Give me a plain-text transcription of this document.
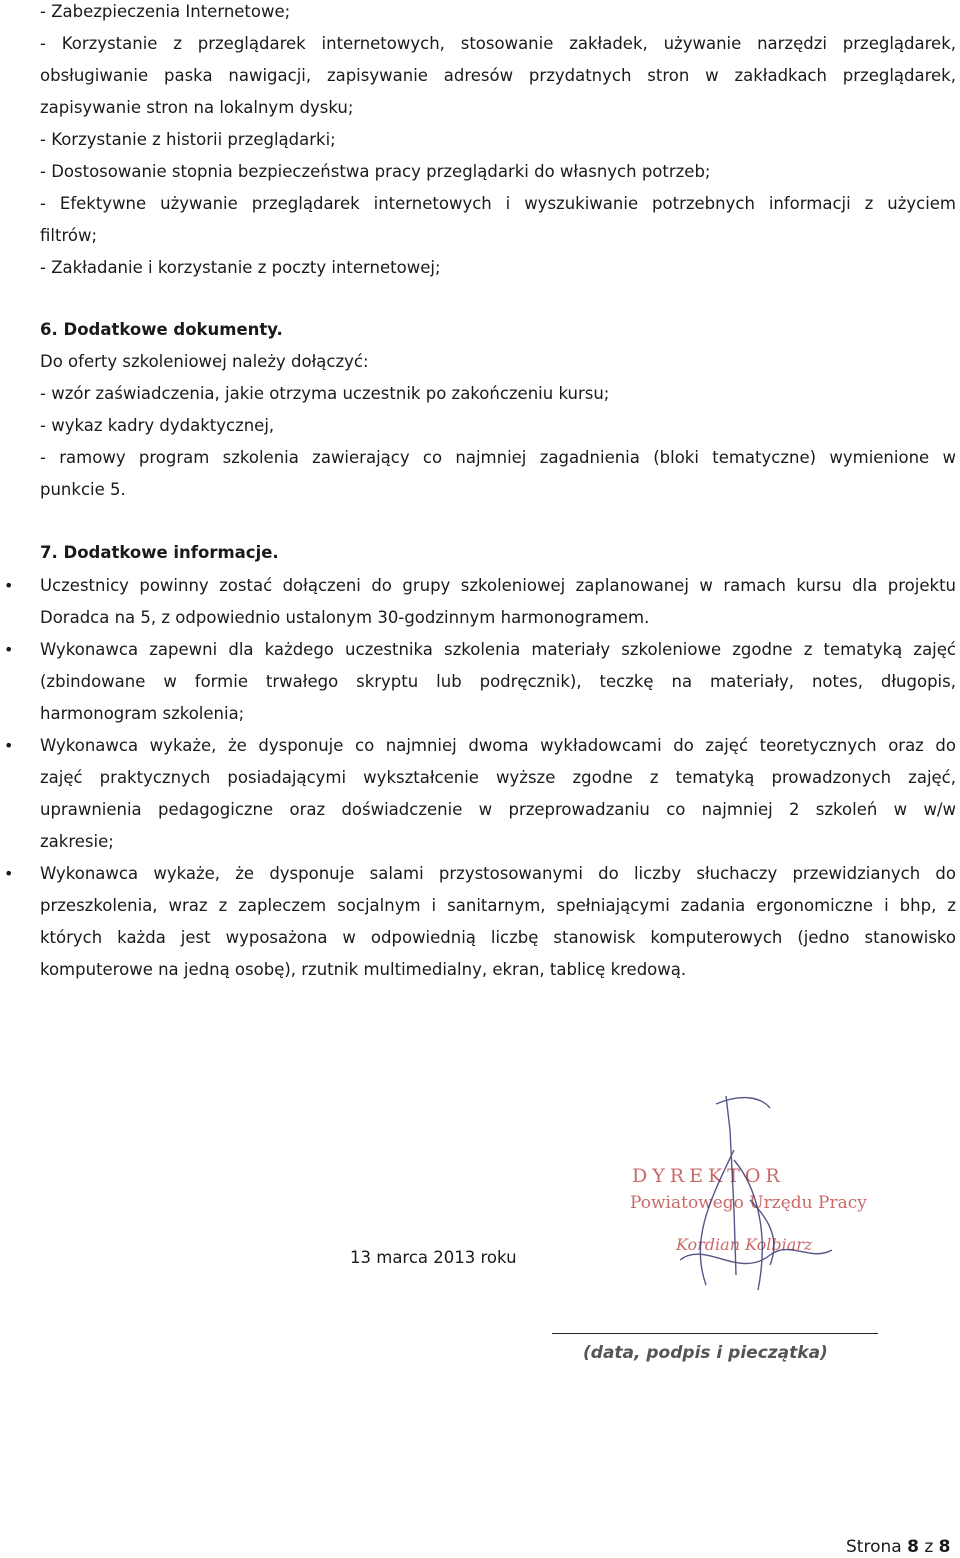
- Zabezpieczenia Internetowe;
- Korzystanie z przeglądarek internetowych, stosowanie zakładek, używanie narzędzi przeglądarek,
obsługiwanie paska nawigacji, zapisywanie adresów przydatnych stron w zakładkach przeglądarek,
zapisywanie stron na lokalnym dysku;
- Korzystanie z historii przeglądarki;
- Dostosowanie stopnia bezpieczeństwa pracy przeglądarki do własnych potrzeb;
- Efektywne używanie przeglądarek internetowych i wyszukiwanie potrzebnych informacji z użyciem
filtrów;
- Zakładanie i korzystanie z poczty internetowej;
6. Dodatkowe dokumenty.
Do oferty szkoleniowej należy dołączyć:
- wzór zaświadczenia, jakie otrzyma uczestnik po zakończeniu kursu;
- wykaz kadry dydaktycznej,
- ramowy program szkolenia zawierający co najmniej zagadnienia (bloki tematyczne) wymienione w
punkcie 5.
7. Dodatkowe informacje.
• Uczestnicy powinny zostać dołączeni do grupy szkoleniowej zaplanowanej w ramach kursu dla projektu
Doradca na 5, z odpowiednio ustalonym 30-godzinnym harmonogramem.
• Wykonawca zapewni dla każdego uczestnika szkolenia materiały szkoleniowe zgodne z tematyką zajęć
(zbindowane w formie trwałego skryptu lub podręcznik), teczkę na materiały, notes, długopis,
harmonogram szkolenia;
• Wykonawca wykaże, że dysponuje co najmniej dwoma wykładowcami do zajęć teoretycznych oraz do
zajęć praktycznych posiadającymi wykształcenie wyższe zgodne z tematyką prowadzonych zajęć,
uprawnienia pedagogiczne oraz doświadczenie w przeprowadzaniu co najmniej 2 szkoleń w w/w
zakresie;
• Wykonawca wykaże, że dysponuje salami przystosowanymi do liczby słuchaczy przewidzianych do
przeszkolenia, wraz z zapleczem socjalnym i sanitarnym, spełniającymi zadania ergonomiczne i bhp, z
których każda jest wyposażona w odpowiednią liczbę stanowisk komputerowych (jedno stanowisko
komputerowe na jedną osobę), rzutnik multimedialny, ekran, tablicę kredową.
DYREKTOR
Powiatowego Urzędu Pracy
Kordian Kolbiarz
13 marca 2013 roku
(data, podpis i pieczątka)
Strona 8 z 8
